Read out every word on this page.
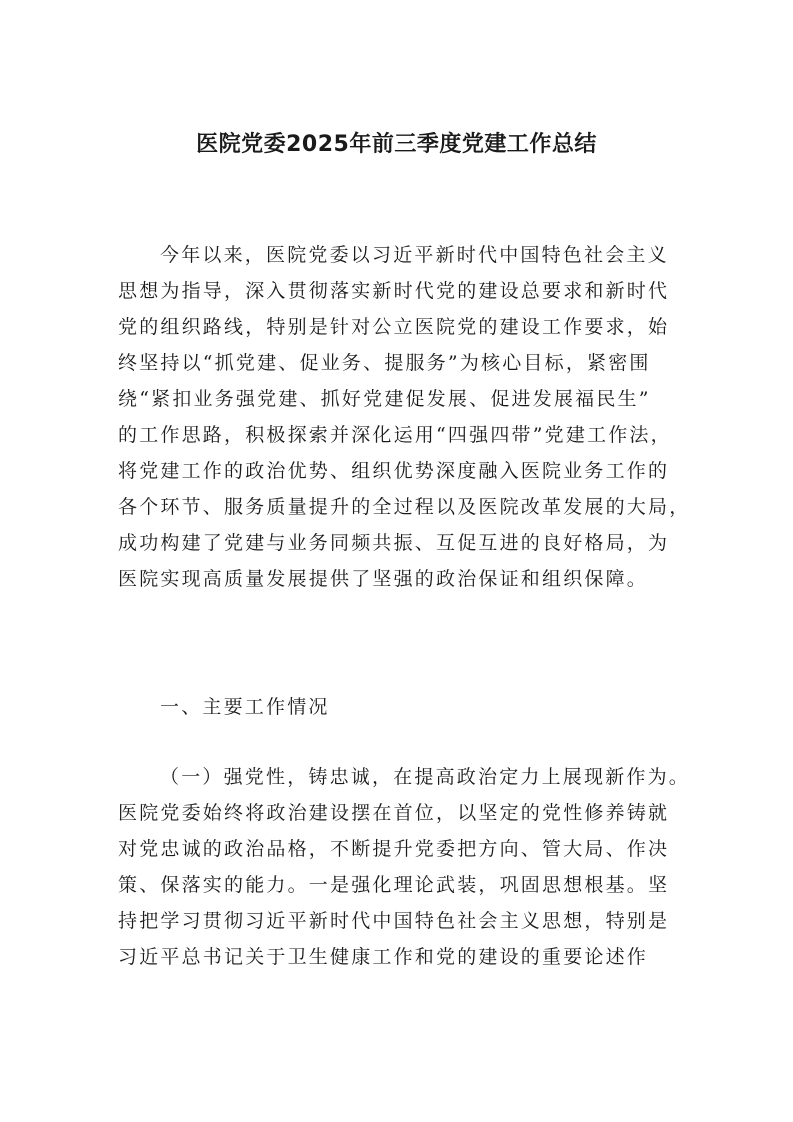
医院党委2025年前三季度党建工作总结
今年以来，医院党委以习近平新时代中国特色社会主义
思想为指导，深入贯彻落实新时代党的建设总要求和新时代
党的组织路线，特别是针对公立医院党的建设工作要求，始
终坚持以“抓党建、促业务、提服务”为核心目标，紧密围
绕“紧扣业务强党建、抓好党建促发展、促进发展福民生”
的工作思路，积极探索并深化运用“四强四带”党建工作法，
将党建工作的政治优势、组织优势深度融入医院业务工作的
各个环节、服务质量提升的全过程以及医院改革发展的大局，
成功构建了党建与业务同频共振、互促互进的良好格局，为
医院实现高质量发展提供了坚强的政治保证和组织保障。
一、主要工作情况
（一）强党性，铸忠诚，在提高政治定力上展现新作为。
医院党委始终将政治建设摆在首位，以坚定的党性修养铸就
对党忠诚的政治品格，不断提升党委把方向、管大局、作决
策、保落实的能力。一是强化理论武装，巩固思想根基。坚
持把学习贯彻习近平新时代中国特色社会主义思想，特别是
习近平总书记关于卫生健康工作和党的建设的重要论述作
